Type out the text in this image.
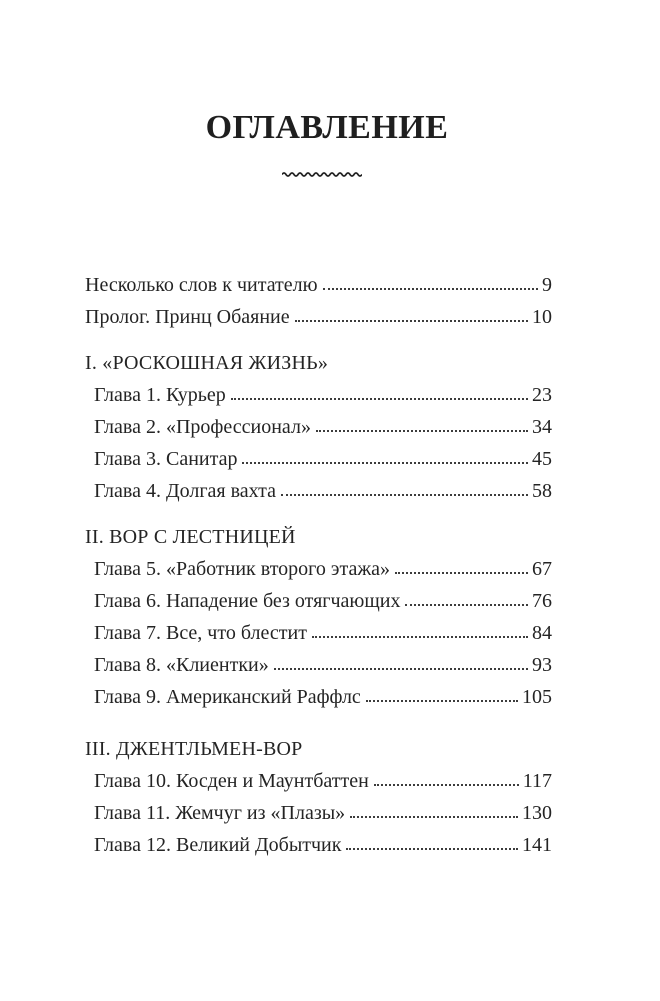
ОГЛАВЛЕНИЕ
Несколько слов к читателю	9
Пролог. Принц Обаяние	10
I. «РОСКОШНАЯ ЖИЗНЬ»
Глава 1. Курьер	23
Глава 2. «Профессионал»	34
Глава 3. Санитар	45
Глава 4. Долгая вахта	58
II. ВОР С ЛЕСТНИЦЕЙ
Глава 5. «Работник второго этажа»	67
Глава 6. Нападение без отягчающих	76
Глава 7. Все, что блестит	84
Глава 8. «Клиентки»	93
Глава 9. Американский Раффлс	105
III. ДЖЕНТЛЬМЕН-ВОР
Глава 10. Косден и Маунтбаттен	117
Глава 11. Жемчуг из «Плазы»	130
Глава 12. Великий Добытчик	141
